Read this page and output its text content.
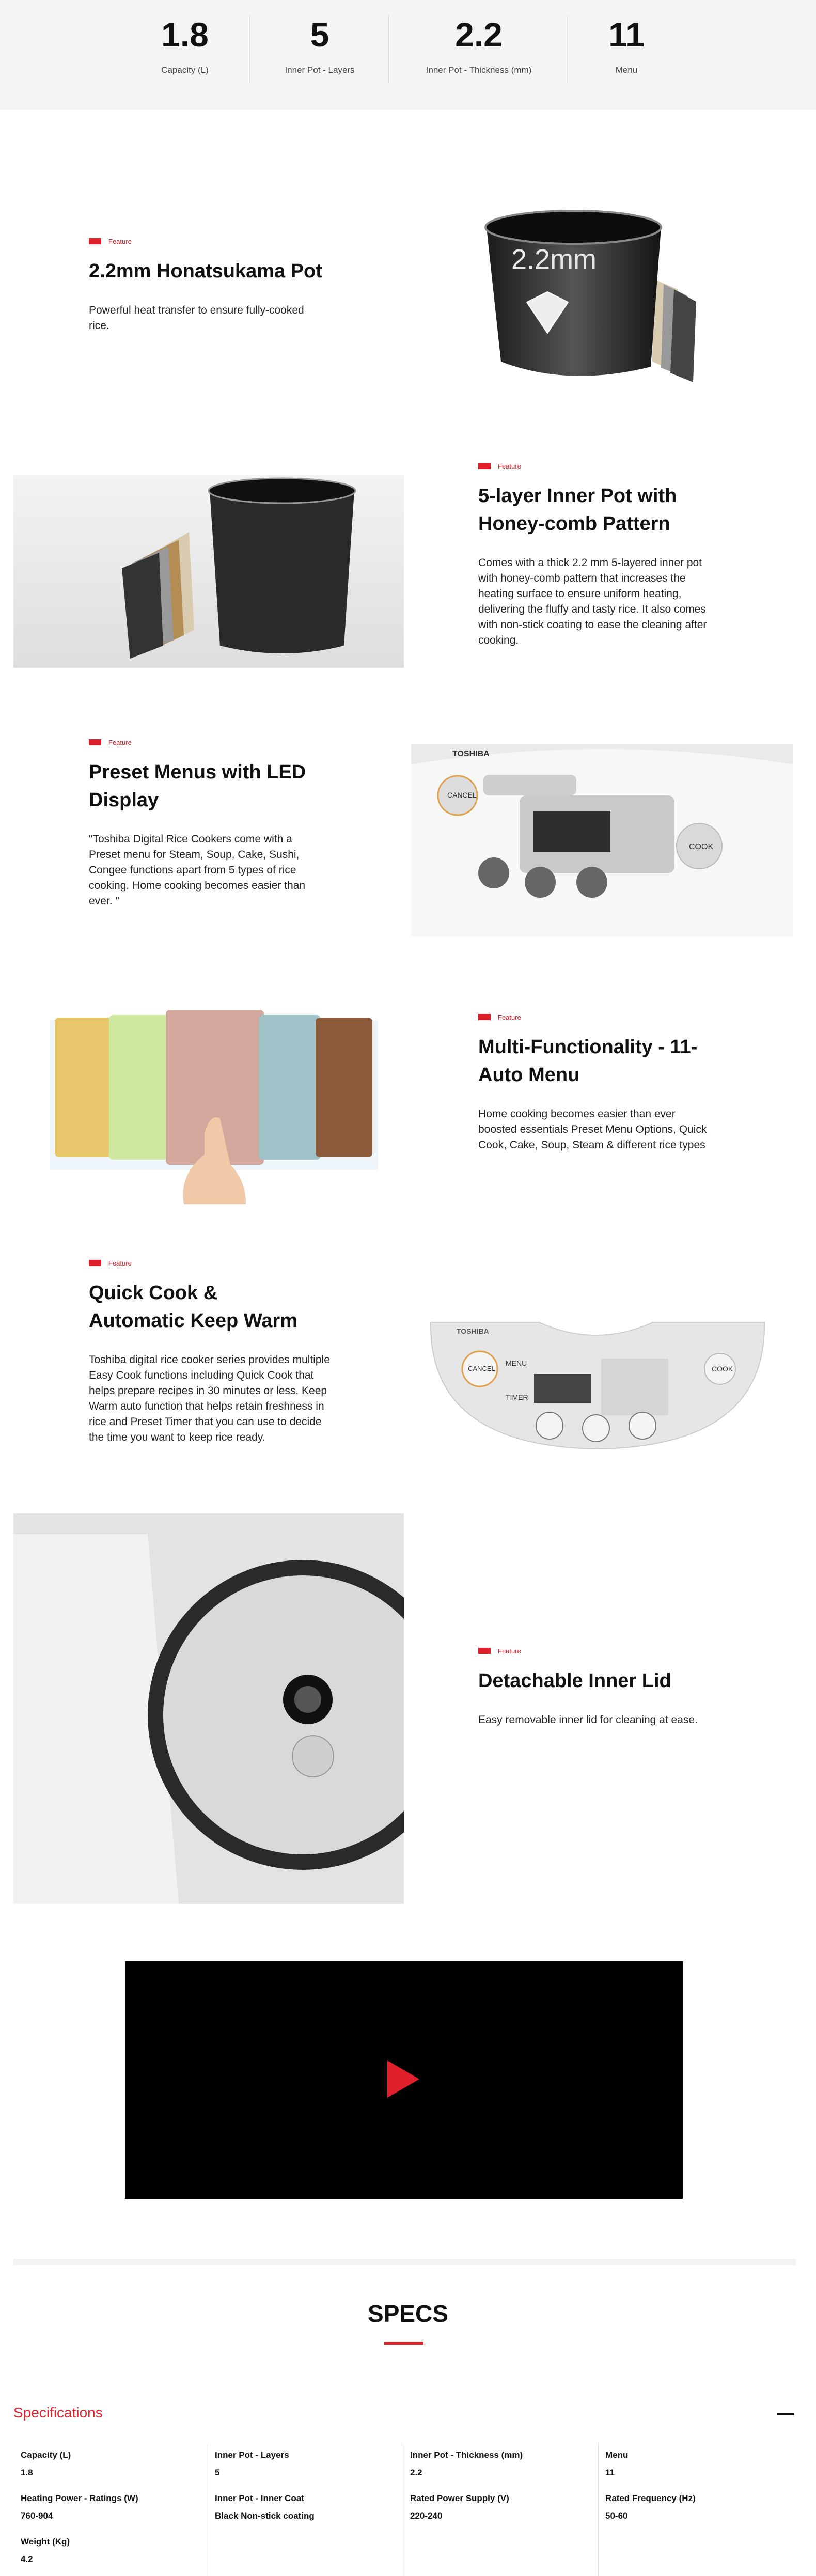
1.8
Capacity (L)
5
Inner Pot - Layers
2.2
Inner Pot - Thickness (mm)
11
Menu
Feature
2.2mm Honatsukama Pot

Powerful heat transfer to ensure fully-cooked rice.

2.2mm
Feature
5-layer Inner Pot with Honey-comb Pattern

Comes with a thick 2.2 mm 5-layered inner pot with honey-comb pattern that increases the heating surface to ensure uniform heating, delivering the fluffy and tasty rice. It also comes with non-stick coating to ease the cleaning after cooking.

Feature
Preset Menus with LED Display

"Toshiba Digital Rice Cookers come with a Preset menu for Steam, Soup, Cake, Sushi, Congee functions apart from 5 types of rice cooking. Home cooking becomes easier than ever. "

TOSHIBA
CANCEL
COOK
Feature
Multi-Functionality - 11-Auto Menu

Home cooking becomes easier than ever boosted essentials Preset Menu Options, Quick Cook, Cake, Soup, Steam & different rice types

Feature
Quick Cook & Automatic Keep Warm

Toshiba digital rice cooker series provides multiple Easy Cook functions including Quick Cook that helps prepare recipes in 30 minutes or less. Keep Warm auto function that helps retain freshness in rice and Preset Timer that you can use to decide the time you want to keep rice ready.

TOSHIBA
CANCEL
MENU
TIMER
COOK
Feature
Detachable Inner Lid

Easy removable inner lid for cleaning at ease.

SPECS
Specifications
Capacity (L)
1.8
Inner Pot - Layers
5
Inner Pot - Thickness (mm)
2.2
Menu
11
Heating Power - Ratings (W)
760-904
Inner Pot - Inner Coat
Black Non-stick coating
Rated Power Supply (V)
220-240
Rated Frequency (Hz)
50-60
Weight (Kg)
4.2
